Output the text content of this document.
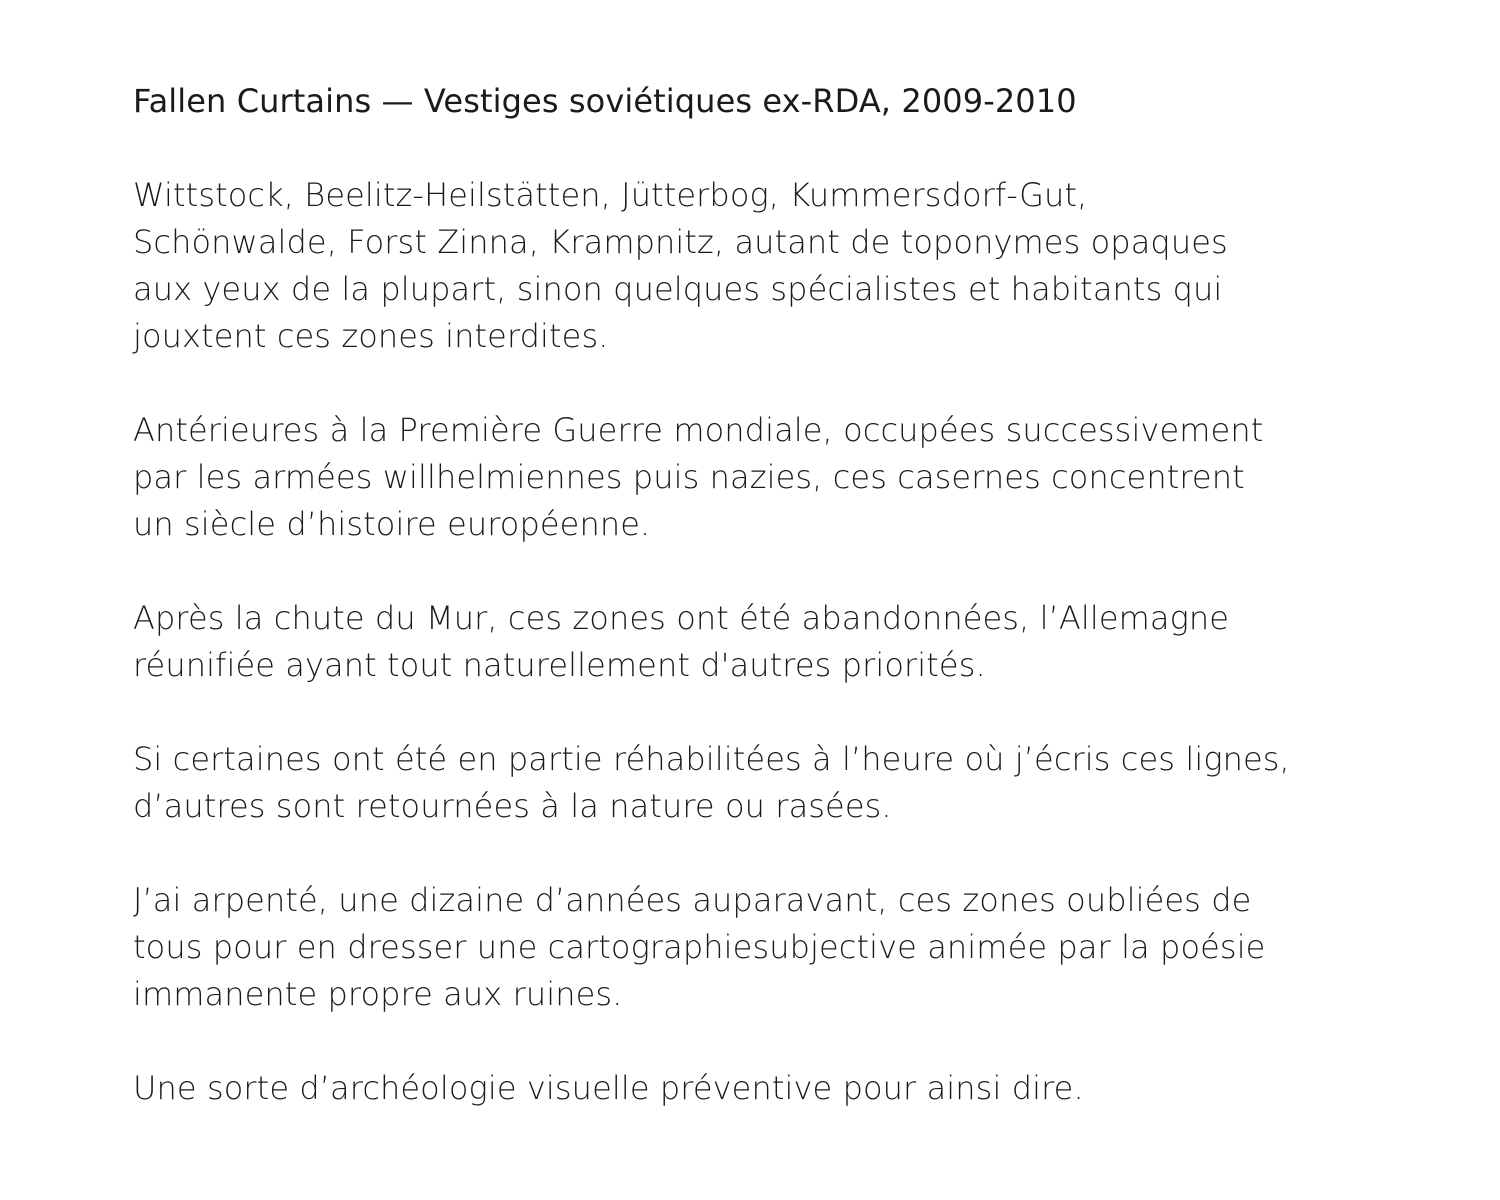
Fallen Curtains — Vestiges soviétiques ex-RDA, 2009-2010

Wittstock, Beelitz-Heilstätten, Jütterbog, Kummersdorf-Gut,
Schönwalde, Forst Zinna, Krampnitz, autant de toponymes opaques
aux yeux de la plupart, sinon quelques spécialistes et habitants qui
jouxtent ces zones interdites.

Antérieures à la Première Guerre mondiale, occupées successivement
par les armées willhelmiennes puis nazies, ces casernes concentrent
un siècle d’histoire européenne.

Après la chute du Mur, ces zones ont été abandonnées, l’Allemagne
réunifiée ayant tout naturellement d'autres priorités.

Si certaines ont été en partie réhabilitées à l’heure où j’écris ces lignes,
d’autres sont retournées à la nature ou rasées.

J’ai arpenté, une dizaine d’années auparavant, ces zones oubliées de
tous pour en dresser une cartographiesubjective animée par la poésie
immanente propre aux ruines.

Une sorte d’archéologie visuelle préventive pour ainsi dire.
